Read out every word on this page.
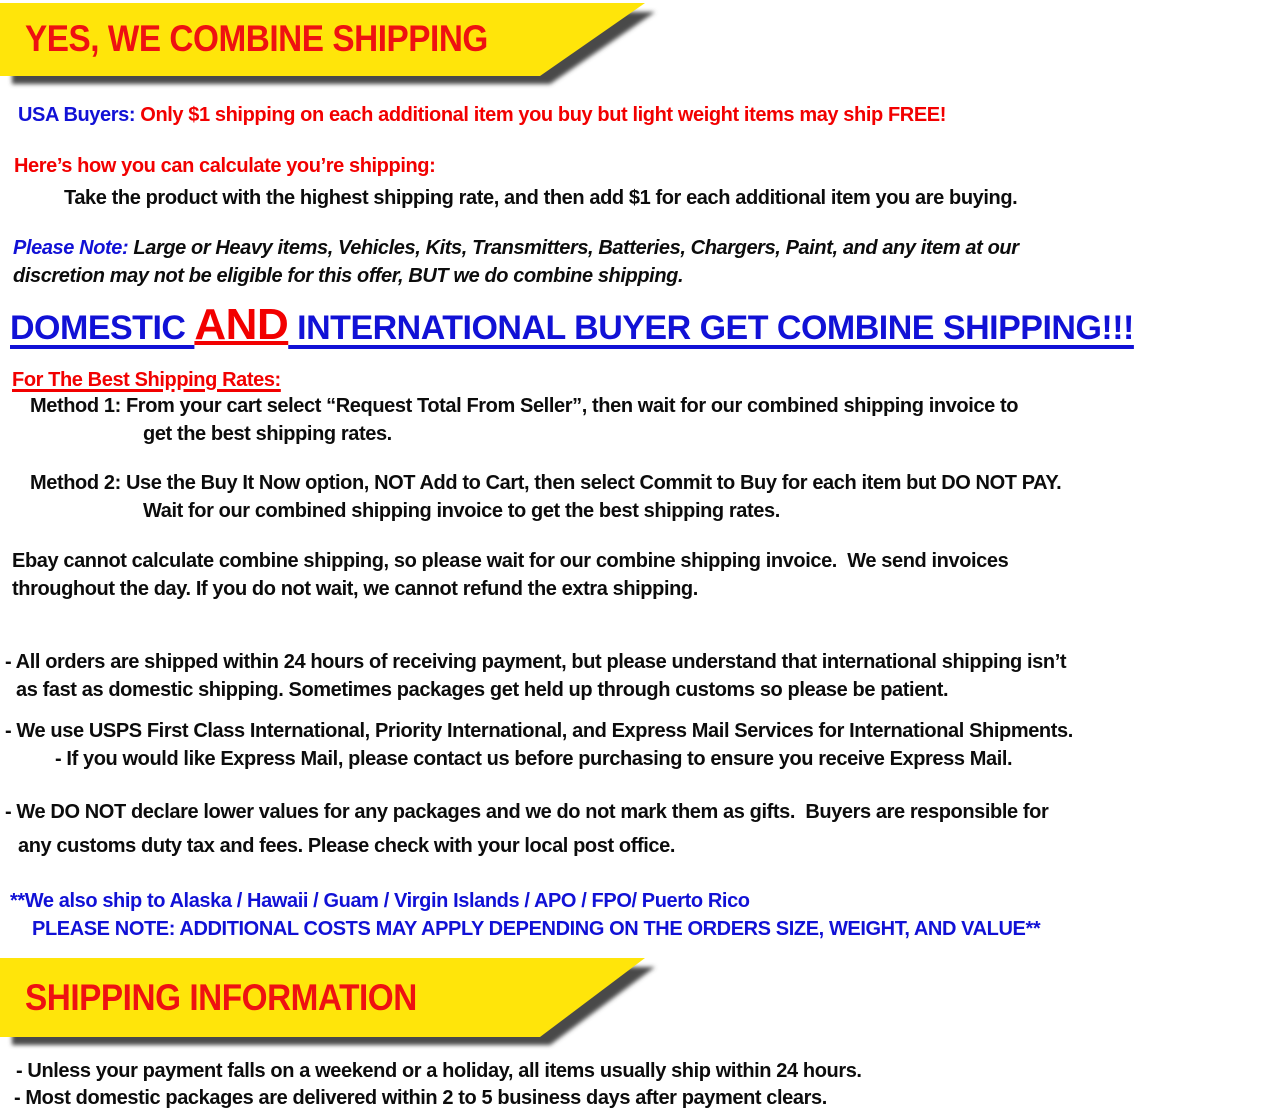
YES, WE COMBINE SHIPPING
USA Buyers: Only $1 shipping on each additional item you buy but light weight items may ship FREE!
Here’s how you can calculate you’re shipping:
Take the product with the highest shipping rate, and then add $1 for each additional item you are buying.
Please Note: Large or Heavy items, Vehicles, Kits, Transmitters, Batteries, Chargers, Paint, and any item at our
discretion may not be eligible for this offer, BUT we do combine shipping.
DOMESTIC AND INTERNATIONAL BUYER GET COMBINE SHIPPING!!!
For The Best Shipping Rates:
Method 1: From your cart select “Request Total From Seller”, then wait for our combined shipping invoice to
get the best shipping rates.
Method 2: Use the Buy It Now option, NOT Add to Cart, then select Commit to Buy for each item but DO NOT PAY.
Wait for our combined shipping invoice to get the best shipping rates.
Ebay cannot calculate combine shipping, so please wait for our combine shipping invoice.  We send invoices
throughout the day. If you do not wait, we cannot refund the extra shipping.
- All orders are shipped within 24 hours of receiving payment, but please understand that international shipping isn’t
as fast as domestic shipping. Sometimes packages get held up through customs so please be patient.
- We use USPS First Class International, Priority International, and Express Mail Services for International Shipments.
- If you would like Express Mail, please contact us before purchasing to ensure you receive Express Mail.
- We DO NOT declare lower values for any packages and we do not mark them as gifts.  Buyers are responsible for
any customs duty tax and fees. Please check with your local post office.
**We also ship to Alaska / Hawaii / Guam / Virgin Islands / APO / FPO/ Puerto Rico
PLEASE NOTE: ADDITIONAL COSTS MAY APPLY DEPENDING ON THE ORDERS SIZE, WEIGHT, AND VALUE**
SHIPPING INFORMATION
- Unless your payment falls on a weekend or a holiday, all items usually ship within 24 hours.
- Most domestic packages are delivered within 2 to 5 business days after payment clears.
